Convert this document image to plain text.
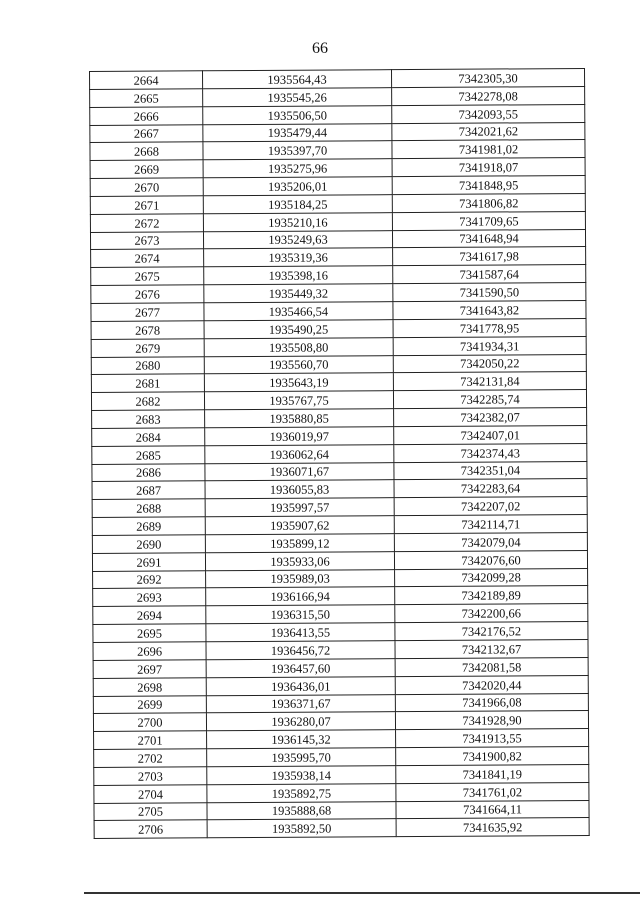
66
2664	1935564,43	7342305,30
2665	1935545,26	7342278,08
2666	1935506,50	7342093,55
2667	1935479,44	7342021,62
2668	1935397,70	7341981,02
2669	1935275,96	7341918,07
2670	1935206,01	7341848,95
2671	1935184,25	7341806,82
2672	1935210,16	7341709,65
2673	1935249,63	7341648,94
2674	1935319,36	7341617,98
2675	1935398,16	7341587,64
2676	1935449,32	7341590,50
2677	1935466,54	7341643,82
2678	1935490,25	7341778,95
2679	1935508,80	7341934,31
2680	1935560,70	7342050,22
2681	1935643,19	7342131,84
2682	1935767,75	7342285,74
2683	1935880,85	7342382,07
2684	1936019,97	7342407,01
2685	1936062,64	7342374,43
2686	1936071,67	7342351,04
2687	1936055,83	7342283,64
2688	1935997,57	7342207,02
2689	1935907,62	7342114,71
2690	1935899,12	7342079,04
2691	1935933,06	7342076,60
2692	1935989,03	7342099,28
2693	1936166,94	7342189,89
2694	1936315,50	7342200,66
2695	1936413,55	7342176,52
2696	1936456,72	7342132,67
2697	1936457,60	7342081,58
2698	1936436,01	7342020,44
2699	1936371,67	7341966,08
2700	1936280,07	7341928,90
2701	1936145,32	7341913,55
2702	1935995,70	7341900,82
2703	1935938,14	7341841,19
2704	1935892,75	7341761,02
2705	1935888,68	7341664,11
2706	1935892,50	7341635,92
